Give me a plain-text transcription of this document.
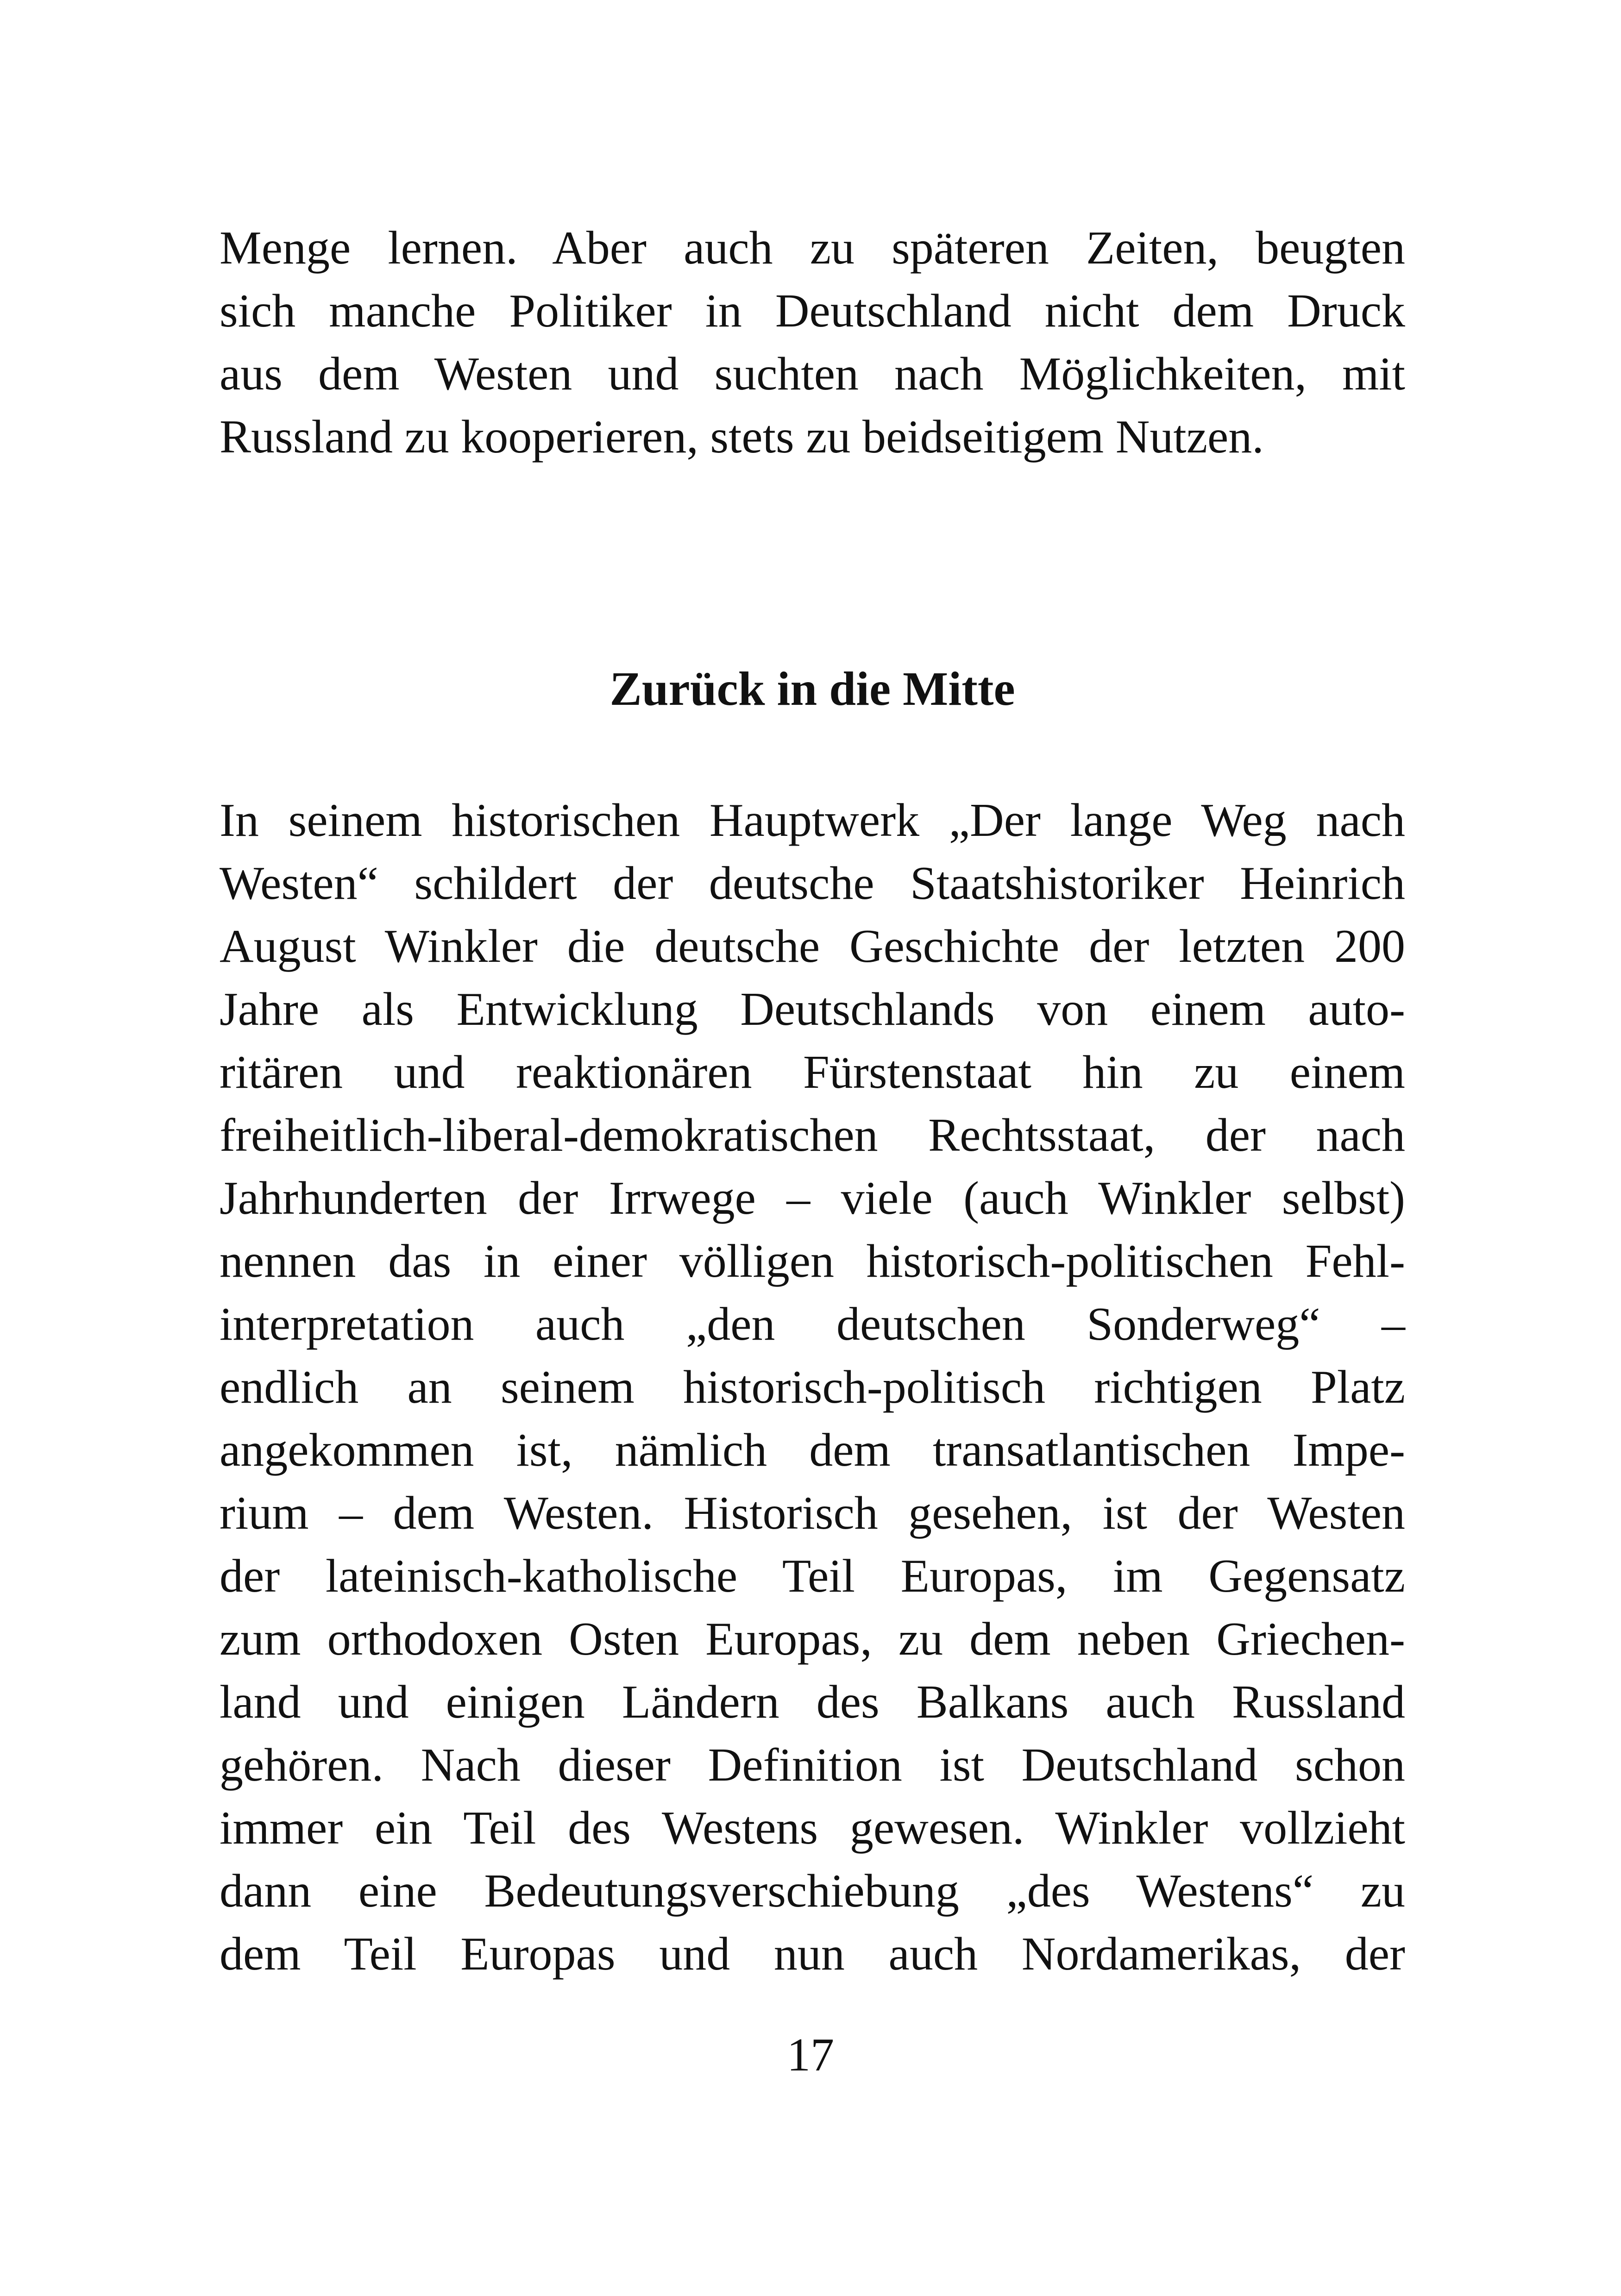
Menge lernen. Aber auch zu späteren Zeiten, beugten
sich manche Politiker in Deutschland nicht dem Druck
aus dem Westen und suchten nach Möglichkeiten, mit
Russland zu kooperieren, stets zu beidseitigem Nutzen.
Zurück in die Mitte
In seinem historischen Hauptwerk „Der lange Weg nach
Westen“ schildert der deutsche Staatshistoriker Heinrich
August Winkler die deutsche Geschichte der letzten 200
Jahre als Entwicklung Deutschlands von einem auto-
ritären und reaktionären Fürstenstaat hin zu einem
freiheitlich-liberal-demokratischen Rechtsstaat, der nach
Jahrhunderten der Irrwege – viele (auch Winkler selbst)
nennen das in einer völligen historisch-politischen Fehl-
interpretation auch „den deutschen Sonderweg“ –
endlich an seinem historisch-politisch richtigen Platz
angekommen ist, nämlich dem transatlantischen Impe-
rium – dem Westen. Historisch gesehen, ist der Westen
der lateinisch-katholische Teil Europas, im Gegensatz
zum orthodoxen Osten Europas, zu dem neben Griechen-
land und einigen Ländern des Balkans auch Russland
gehören. Nach dieser Definition ist Deutschland schon
immer ein Teil des Westens gewesen. Winkler vollzieht
dann eine Bedeutungsverschiebung „des Westens“ zu
dem Teil Europas und nun auch Nordamerikas, der
17
